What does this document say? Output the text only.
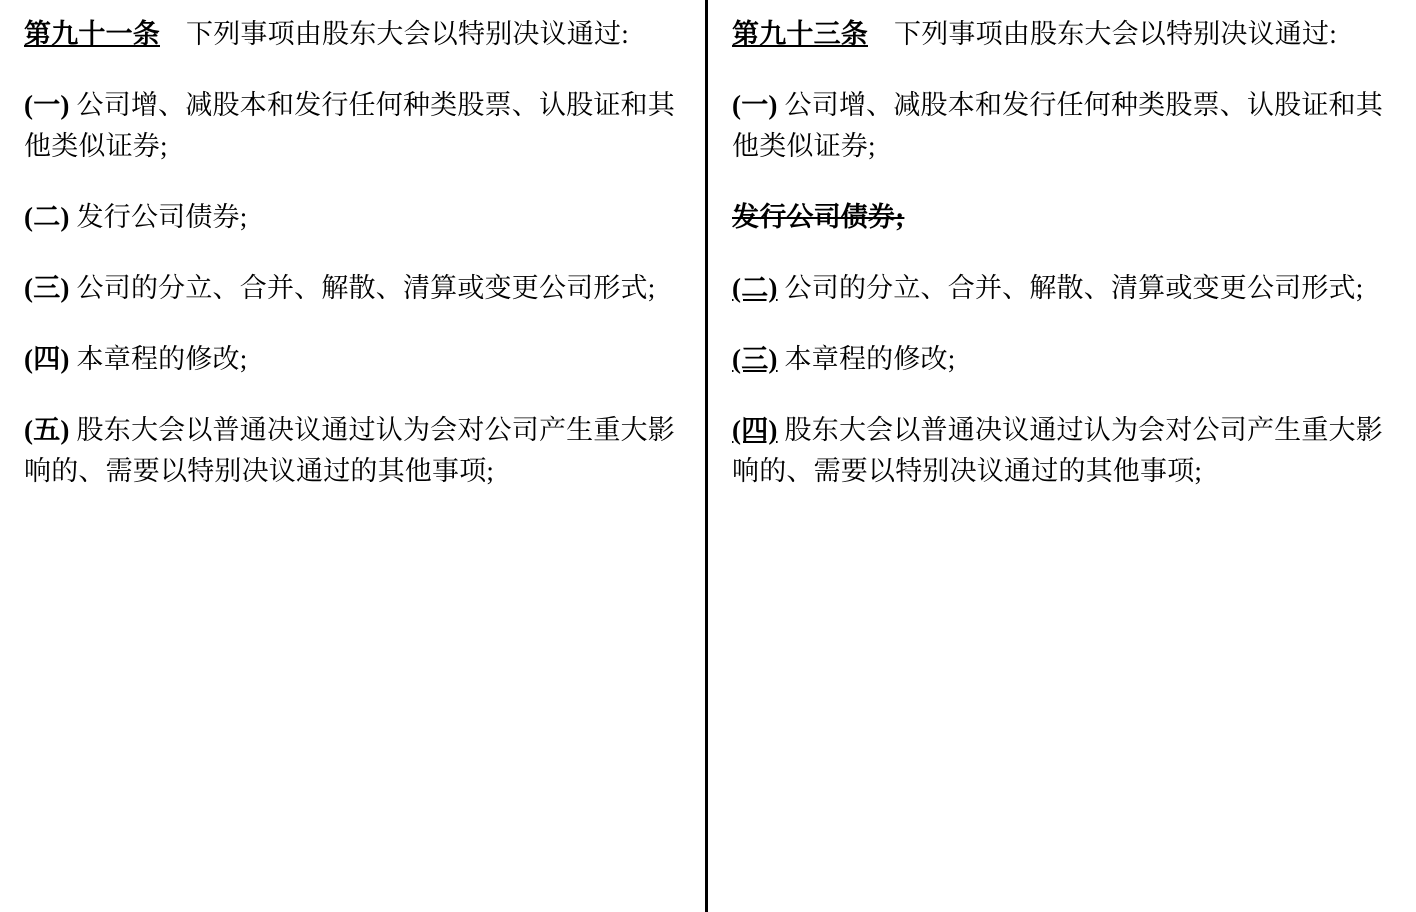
第九十一条 下列事项由股东大会以特别决议通过:

(一) 公司增、减股本和发行任何种类股票、认股证和其他类似证券;

(二) 发行公司债券;

(三) 公司的分立、合并、解散、清算或变更公司形式;

(四) 本章程的修改;

(五) 股东大会以普通决议通过认为会对公司产生重大影响的、需要以特别决议通过的其他事项;

第九十三条 下列事项由股东大会以特别决议通过:

(一) 公司增、减股本和发行任何种类股票、认股证和其他类似证券;

发行公司债券;

(二) 公司的分立、合并、解散、清算或变更公司形式;

(三) 本章程的修改;

(四) 股东大会以普通决议通过认为会对公司产生重大影响的、需要以特别决议通过的其他事项;
